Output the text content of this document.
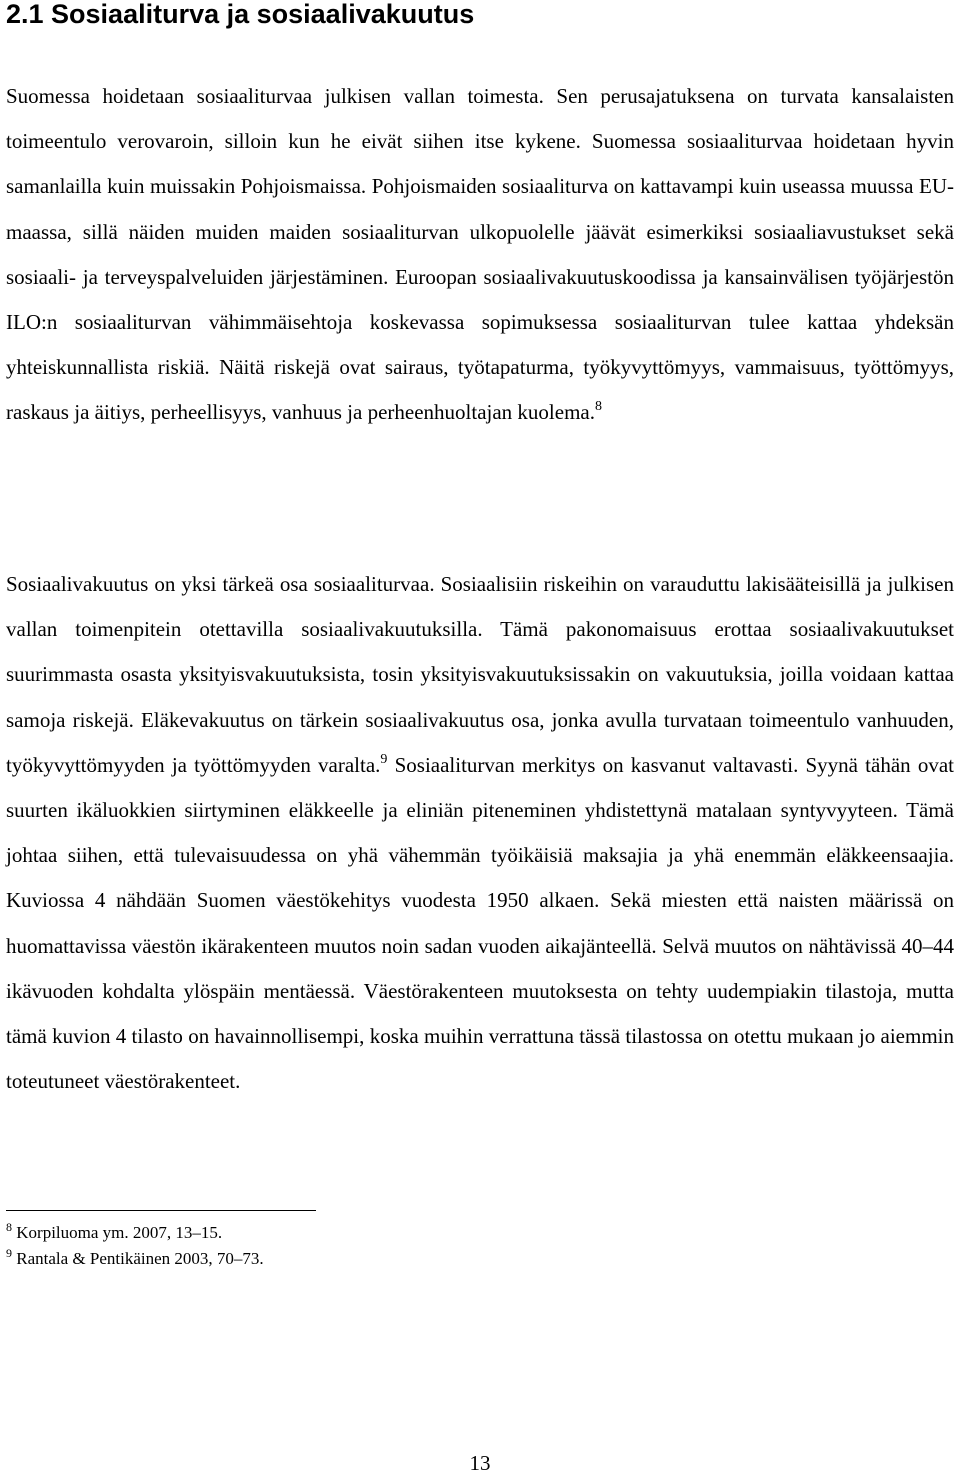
2.1 Sosiaaliturva ja sosiaalivakuutus

Suomessa hoidetaan sosiaaliturvaa julkisen vallan toimesta. Sen perusajatuksena on turvata kansalaisten toimeentulo verovaroin, silloin kun he eivät siihen itse kykene. Suomessa sosiaaliturvaa hoidetaan hyvin samanlailla kuin muissakin Pohjoismaissa. Pohjoismaiden sosiaaliturva on kattavampi kuin useassa muussa EU-maassa, sillä näiden muiden maiden sosiaaliturvan ulkopuolelle jäävät esimerkiksi sosiaaliavustukset sekä sosiaali- ja terveyspalveluiden järjestäminen. Euroopan sosiaalivakuutuskoodissa ja kansainvälisen työjärjestön ILO:n sosiaaliturvan vähimmäisehtoja koskevassa sopimuksessa sosiaaliturvan tulee kattaa yhdeksän yhteiskunnallista riskiä. Näitä riskejä ovat sairaus, työtapaturma, työkyvyttömyys, vammaisuus, työttömyys, raskaus ja äitiys, perheellisyys, vanhuus ja perheenhuoltajan kuolema.$^8$

Sosiaalivakuutus on yksi tärkeä osa sosiaaliturvaa. Sosiaalisiin riskeihin on varauduttu lakisääteisillä ja julkisen vallan toimenpitein otettavilla sosiaalivakuutuksilla. Tämä pakonomaisuus erottaa sosiaalivakuutukset suurimmasta osasta yksityisvakuutuksista, tosin yksityisvakuutuksissakin on vakuutuksia, joilla voidaan kattaa samoja riskejä. Eläkevakuutus on tärkein sosiaalivakuutus osa, jonka avulla turvataan toimeentulo vanhuuden, työkyvyttömyyden ja työttömyyden varalta.$^9$ Sosiaaliturvan merkitys on kasvanut valtavasti. Syynä tähän ovat suurten ikäluokkien siirtyminen eläkkeelle ja eliniän piteneminen yhdistettynä matalaan syntyvyyteen. Tämä johtaa siihen, että tulevaisuudessa on yhä vähemmän työikäisiä maksajia ja yhä enemmän eläkkeensaajia. Kuviossa 4 nähdään Suomen väestökehitys vuodesta 1950 alkaen. Sekä miesten että naisten määrissä on huomattavissa väestön ikärakenteen muutos noin sadan vuoden aikajänteellä. Selvä muutos on nähtävissä 40–44 ikävuoden kohdalta ylöspäin mentäessä. Väestörakenteen muutoksesta on tehty uudempiakin tilastoja, mutta tämä kuvion 4 tilasto on havainnollisempi, koska muihin verrattuna tässä tilastossa on otettu mukaan jo aiemmin toteutuneet väestörakenteet.

$^8$ Korpiluoma ym. 2007, 13–15.

$^9$ Rantala & Pentikäinen 2003, 70–73.

13
